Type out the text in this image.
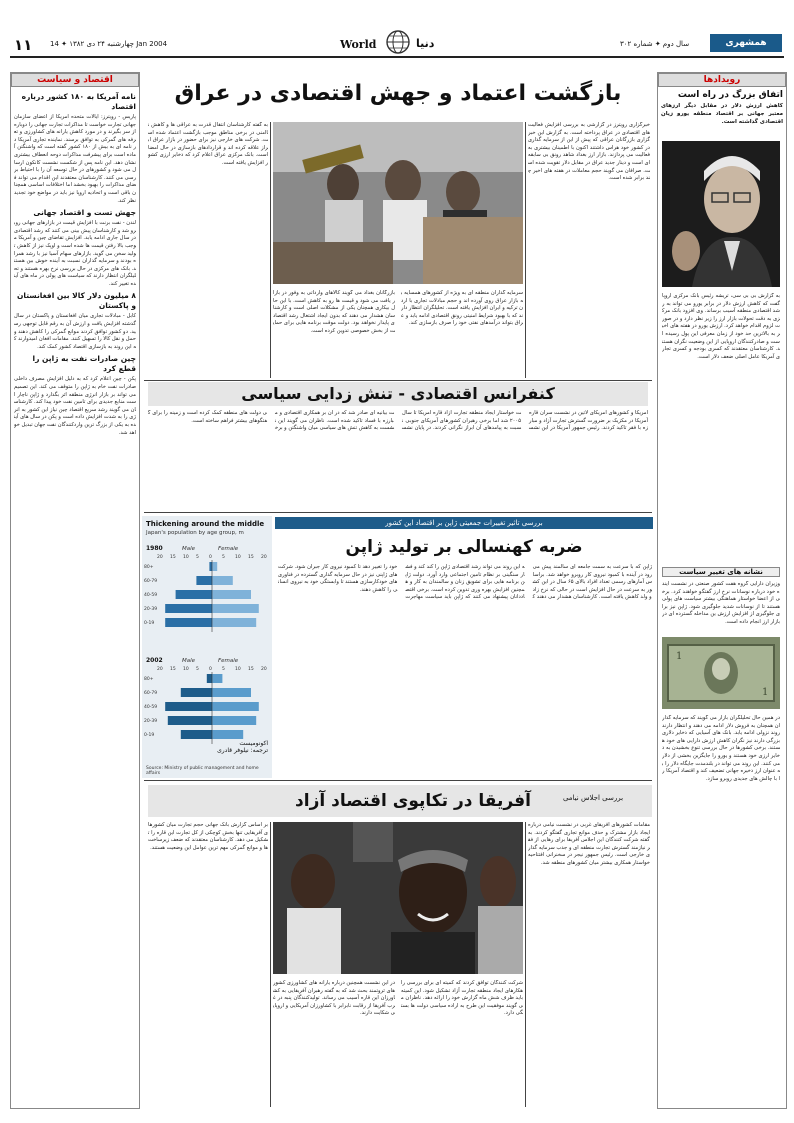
۱۱	چهارشنبه ۲۴ دی ۱۳۸۲ ✦ 14 Jan 2004	World	دنیا	سال دوم ✦ شماره ۳۰۲	همشهری
اقتصاد و سیاست
نامه آمریکا به ۱۸۰ کشور درباره اقتصاد
پاریس - رویترز: ایالات متحده آمریکا از اعضای سازمان جهانی تجارت خواست تا مذاکرات تجارت جهانی را دوباره از سر بگیرند و در مورد کاهش یارانه های کشاورزی و تعرفه های گمرکی به توافق برسند. نماینده تجاری آمریکا در نامه ای به بیش از ۱۸۰ کشور گفته است که واشنگتن آماده است برای پیشرفت مذاکرات دوحه انعطاف بیشتری نشان دهد. این نامه پس از شکست نشست کانکون ارسال می شود و کشورهای در حال توسعه آن را با احتیاط بررسی می کنند. کارشناسان معتقدند این اقدام می تواند فضای مذاکرات را بهبود بخشد اما اختلافات اساسی همچنان باقی است و اتحادیه اروپا نیز باید در مواضع خود تجدید نظر کند.
جهش تست و اقتصاد جهانی
لندن - نفت برنت با افزایش قیمت در بازارهای جهانی روبرو شد و کارشناسان پیش بینی می کنند که رشد اقتصادی در سال جاری ادامه یابد. افزایش تقاضای چین و آمریکا موجب بالا رفتن قیمت ها شده است و اوپک نیز از کاهش تولید سخن می گوید. بازارهای سهام آسیا نیز با رشد همراه بودند و سرمایه گذاران نسبت به آینده خوش بین هستند. بانک های مرکزی در حال بررسی نرخ بهره هستند و تحلیلگران انتظار دارند که سیاست های پولی در ماه های آینده تغییر کند.
۸ میلیون دلار کالا بین افغانستان و پاکستان
کابل - مبادلات تجاری میان افغانستان و پاکستان در سال گذشته افزایش یافت و ارزش آن به رقم قابل توجهی رسید. دو کشور توافق کردند موانع گمرکی را کاهش دهند و حمل و نقل کالا را تسهیل کنند. مقامات افغان امیدوارند که این روند به بازسازی اقتصاد کشور کمک کند.
چین صادرات نفت به ژاپن را قطع کرد
پکن - چین اعلام کرد که به دلیل افزایش مصرف داخلی صادرات نفت خام به ژاپن را متوقف می کند. این تصمیم می تواند بر بازار انرژی منطقه اثر بگذارد و ژاپن ناچار است منابع جدیدی برای تامین نفت خود پیدا کند. کارشناسان می گویند رشد سریع اقتصاد چین نیاز این کشور به انرژی را به شدت افزایش داده است و پکن در سال های آینده به یکی از بزرگ ترین واردکنندگان نفت جهان تبدیل خواهد شد.
رویدادها
اتفاق بزرگ در راه است
کاهش ارزش دلار در مقابل دیگر ارزهای معتبر جهانی بر اقتصاد منطقه یورو زیان اقتصادی گذاشته است.
به گزارش بی بی سی، تریشه رئیس بانک مرکزی اروپا گفت که کاهش ارزش دلار در برابر یورو می تواند به رشد اقتصادی منطقه آسیب برساند. وی افزود بانک مرکزی به دقت تحولات بازار ارز را زیر نظر دارد و در صورت لزوم اقدام خواهد کرد. ارزش یورو در هفته های اخیر به بالاترین حد خود از زمان معرفی این پول رسیده است و صادرکنندگان اروپایی از این وضعیت نگران هستند. کارشناسان معتقدند که کسری بودجه و کسری تجاری آمریکا عامل اصلی ضعف دلار است.
نشانه های تغییر سیاست
وزیران دارایی گروه هفت کشور صنعتی در نشست آینده خود درباره نوسانات نرخ ارز گفتگو خواهند کرد. برخی از اعضا خواستار هماهنگی بیشتر سیاست های پولی هستند تا از نوسانات شدید جلوگیری شود. ژاپن نیز برای جلوگیری از افزایش ارزش ین مداخله گسترده ای در بازار ارز انجام داده است.
1
1
در همین حال تحلیلگران بازار می گویند که سرمایه گذاران همچنان به فروش دلار ادامه می دهند و انتظار دارند روند نزولی ادامه یابد. بانک های آسیایی که ذخایر دلاری بزرگی دارند نیز نگران کاهش ارزش دارایی های خود هستند. برخی کشورها در حال بررسی تنوع بخشیدن به ذخایر ارزی خود هستند و یورو را جایگزین بخشی از دلار می کنند. این روند می تواند در بلندمدت جایگاه دلار را به عنوان ارز ذخیره جهانی تضعیف کند و اقتصاد آمریکا را با چالش های جدیدی روبرو سازد.
بازگشت اعتماد و جهش اقتصادی در عراق
خبرگزاری رویترز در گزارشی به بررسی افزایش فعالیت های اقتصادی در عراق پرداخته است. به گزارش این خبرگزاری بازرگانان عراقی که پیش از این از سرمایه گذاری در کشور خود هراس داشتند اکنون با اطمینان بیشتری به فعالیت می پردازند. بازار ارز بغداد شاهد رونق بی سابقه ای است و دینار جدید عراق در مقابل دلار تقویت شده است. صرافان می گویند حجم معاملات در هفته های اخیر چند برابر شده است.
به گفته کارشناسان انتقال قدرت به عراقی ها و کاهش ناامنی در برخی مناطق موجب بازگشت اعتماد شده است. شرکت های خارجی نیز برای حضور در بازار عراق ابراز علاقه کرده اند و قراردادهای بازسازی در حال امضا است. بانک مرکزی عراق اعلام کرد که ذخایر ارزی کشور افزایش یافته است.
بازرگانان بغداد می گویند کالاهای وارداتی به وفور در بازار یافت می شود و قیمت ها رو به کاهش است. با این حال بیکاری همچنان یکی از مشکلات اصلی است و کارشناسان هشدار می دهند که بدون ایجاد اشتغال رشد اقتصادی پایدار نخواهد بود. دولت موقت برنامه هایی برای حمایت از بخش خصوصی تدوین کرده است.
سرمایه گذاران منطقه ای به ویژه از کشورهای همسایه به بازار عراق روی آورده اند و حجم مبادلات تجاری با اردن ترکیه و ایران افزایش یافته است. تحلیلگران انتظار دارند که با بهبود شرایط امنیتی رونق اقتصادی ادامه یابد و عراق بتواند درآمدهای نفتی خود را صرف بازسازی کند.
کنفرانس اقتصادی - تنش زدایی سیاسی
آمریکا و کشورهای آمریکای لاتین در نشست سران قاره آمریکا در مکزیک بر ضرورت گسترش تجارت آزاد و مبارزه با فقر تاکید کردند. رئیس جمهور آمریکا در این نشست خواستار ایجاد منطقه تجارت آزاد قاره آمریکا تا سال ۲۰۰۵ شد اما برخی رهبران کشورهای آمریکای جنوبی نسبت به پیامدهای آن ابراز نگرانی کردند. در پایان نشست بیانیه ای صادر شد که در آن بر همکاری اقتصادی و مبارزه با فساد تاکید شده است. ناظران می گویند این نشست به کاهش تنش های سیاسی میان واشنگتن و برخی دولت های منطقه کمک کرده است و زمینه را برای گفتگوهای بیشتر فراهم ساخته است.
Thickening around the middle
Japan's population by age group, m
1980	Male	Female
20 15 10 5 0 5 10 15 20
80+
60-79
40-59
20-39
0-19
2002	Male	Female
20 15 10 5 0 5 10 15 20
80+
60-79
40-59
20-39
0-19
Source: Ministry of public management and home affairs
بررسی تاثیر تغییرات جمعیتی ژاپن بر اقتصاد این کشور
ضربه کهنسالی بر تولید ژاپن
ژاپن که با سرعت به سمت جامعه ای سالمند پیش می رود در آینده با کمبود نیروی کار روبرو خواهد شد. براساس آمارهای رسمی تعداد افراد بالای ۶۵ سال در این کشور به سرعت در حال افزایش است در حالی که نرخ زاد و ولد کاهش یافته است. کارشناسان هشدار می دهند که این روند می تواند رشد اقتصادی ژاپن را کند کند و فشار سنگینی بر نظام تامین اجتماعی وارد آورد. دولت ژاپن برنامه هایی برای تشویق زنان و سالمندان به کار و همچنین افزایش بهره وری تدوین کرده است. برخی اقتصاددانان پیشنهاد می کنند که ژاپن باید سیاست مهاجرت خود را تغییر دهد تا کمبود نیروی کار جبران شود. شرکت های ژاپنی نیز در حال سرمایه گذاری گسترده در فناوری های خودکارسازی هستند تا وابستگی خود به نیروی انسانی را کاهش دهند.
اکونومیست
ترجمه: نیلوفر قادری
آفریقا در تکاپوی اقتصاد آزاد	بررسی اجلاس نیامی
مقامات کشورهای آفریقای غربی در نشست نیامی درباره ایجاد بازار مشترک و حذف موانع تجاری گفتگو کردند. به گفته شرکت کنندگان این اجلاس آفریقا برای رهایی از فقر نیازمند گسترش تجارت منطقه ای و جذب سرمایه گذاری خارجی است. رئیس جمهور نیجر در سخنرانی افتتاحیه خواستار همکاری بیشتر میان کشورهای منطقه شد.
بر اساس گزارش بانک جهانی حجم تجارت میان کشورهای آفریقایی تنها بخش کوچکی از کل تجارت این قاره را تشکیل می دهد. کارشناسان معتقدند که ضعف زیرساخت ها و موانع گمرکی مهم ترین عوامل این وضعیت هستند.
در این نشست همچنین درباره یارانه های کشاورزی کشورهای ثروتمند بحث شد که به گفته رهبران آفریقایی به کشاورزان این قاره آسیب می رساند. تولیدکنندگان پنبه در غرب آفریقا از رقابت نابرابر با کشاورزان آمریکایی و اروپایی شکایت دارند.
شرکت کنندگان توافق کردند که کمیته ای برای بررسی راهکارهای ایجاد منطقه تجارت آزاد تشکیل شود. این کمیته باید ظرف شش ماه گزارش خود را ارائه دهد. ناظران می گویند موفقیت این طرح به اراده سیاسی دولت ها بستگی دارد.
